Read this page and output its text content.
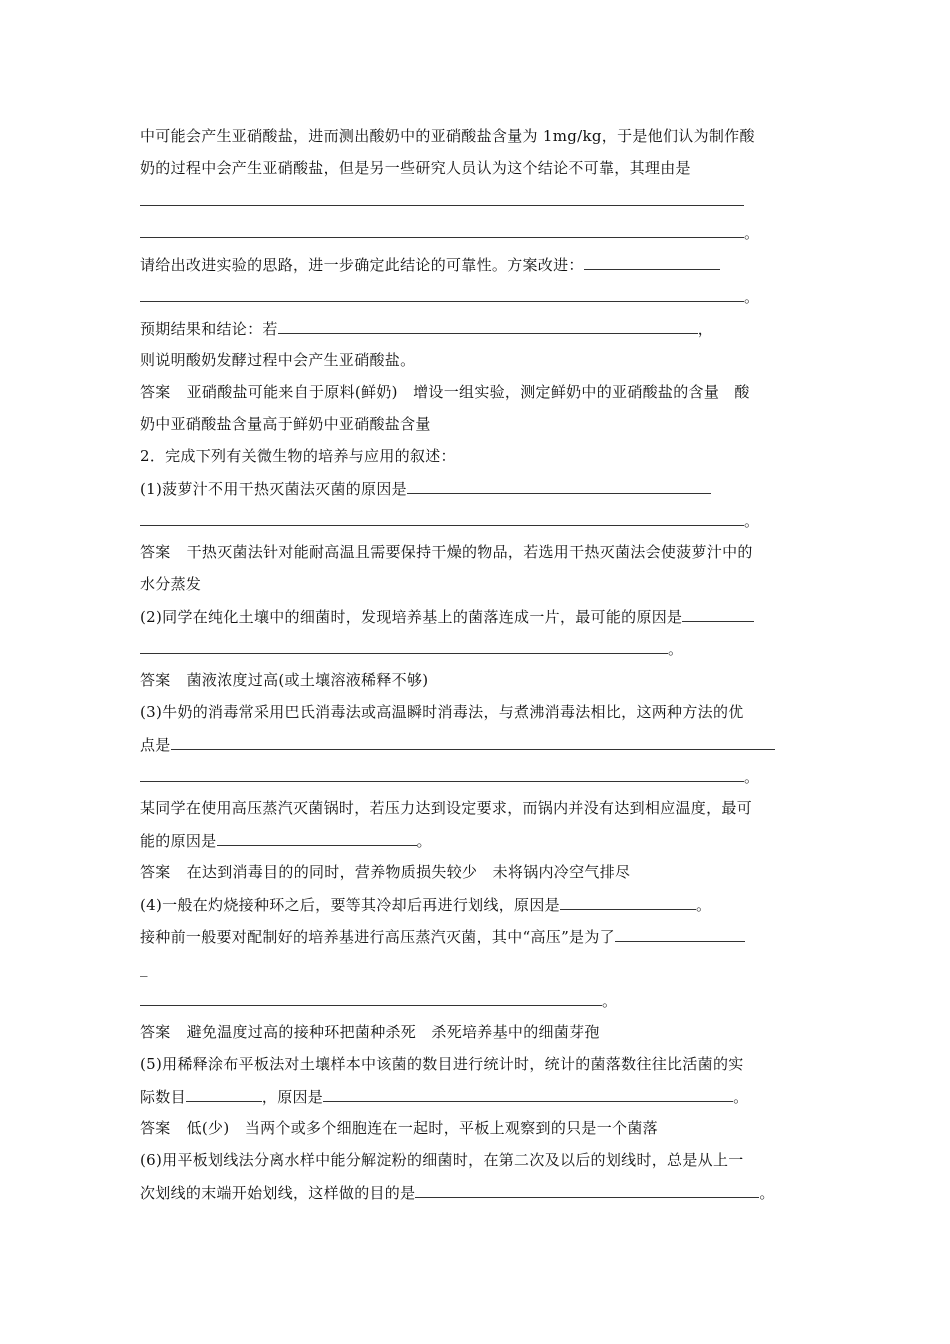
中可能会产生亚硝酸盐，进而测出酸奶中的亚硝酸盐含量为 1mg/kg，于是他们认为制作酸
奶的过程中会产生亚硝酸盐，但是另一些研究人员认为这个结论不可靠，其理由是
。
请给出改进实验的思路，进一步确定此结论的可靠性。方案改进：
。
预期结果和结论：若	，
则说明酸奶发酵过程中会产生亚硝酸盐。
答案 亚硝酸盐可能来自于原料(鲜奶)　增设一组实验，测定鲜奶中的亚硝酸盐的含量　酸
奶中亚硝酸盐含量高于鲜奶中亚硝酸盐含量
2．完成下列有关微生物的培养与应用的叙述：
(1)菠萝汁不用干热灭菌法灭菌的原因是
。
答案 干热灭菌法针对能耐高温且需要保持干燥的物品，若选用干热灭菌法会使菠萝汁中的
水分蒸发
(2)同学在纯化土壤中的细菌时，发现培养基上的菌落连成一片，最可能的原因是
。
答案 菌液浓度过高(或土壤溶液稀释不够)
(3)牛奶的消毒常采用巴氏消毒法或高温瞬时消毒法，与煮沸消毒法相比，这两种方法的优
点是
。
某同学在使用高压蒸汽灭菌锅时，若压力达到设定要求，而锅内并没有达到相应温度，最可
能的原因是	。
答案 在达到消毒目的的同时，营养物质损失较少　未将锅内冷空气排尽
(4)一般在灼烧接种环之后，要等其冷却后再进行划线，原因是	。
接种前一般要对配制好的培养基进行高压蒸汽灭菌，其中“高压”是为了
_
。
答案 避免温度过高的接种环把菌种杀死　杀死培养基中的细菌芽孢
(5)用稀释涂布平板法对土壤样本中该菌的数目进行统计时，统计的菌落数往往比活菌的实
际数目	，原因是	。
答案 低(少)　当两个或多个细胞连在一起时，平板上观察到的只是一个菌落
(6)用平板划线法分离水样中能分解淀粉的细菌时，在第二次及以后的划线时，总是从上一
次划线的末端开始划线，这样做的目的是	。
